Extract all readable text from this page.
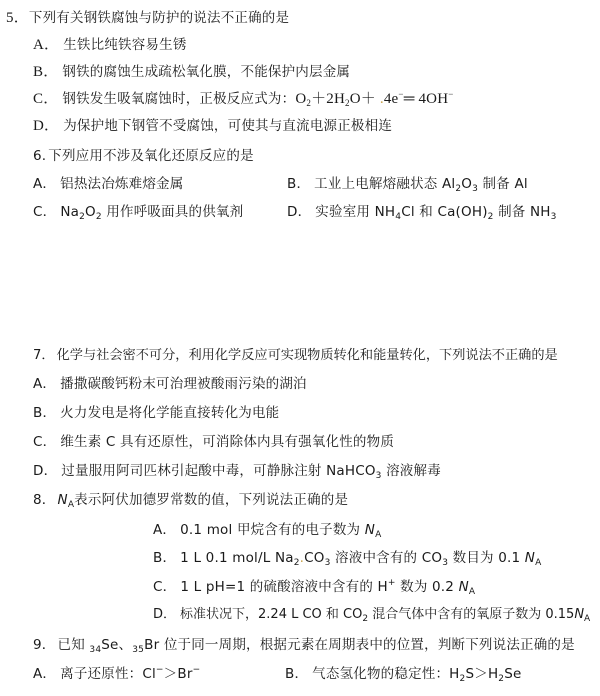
5．下列有关钢铁腐蚀与防护的说法不正确的是
A． 生铁比纯铁容易生锈
B． 钢铁的腐蚀生成疏松氧化膜，不能保护内层金属
C． 钢铁发生吸氧腐蚀时，正极反应式为：$O_2+2H_2O+$ .4e−═ 4OH−
D． 为保护地下钢管不受腐蚀，可使其与直流电源正极相连
6. 下列应用不涉及氧化还原反应的是
A． 铝热法冶炼难熔金属	B． 工业上电解熔融状态 $Al_2O_3$ 制备 Al
C． $Na_2O_2$ 用作呼吸面具的供氧剂	D． 实验室用 $NH_4Cl$ 和 $Ca(OH)_2$ 制备 $NH_3$
7． 化学与社会密不可分，利用化学反应可实现物质转化和能量转化，下列说法不正确的是
A． 播撒碳酸钙粉末可治理被酸雨污染的湖泊
B． 火力发电是将化学能直接转化为电能
C． 维生素 C 具有还原性，可消除体内具有强氧化性的物质
D． 过量服用阿司匹林引起酸中毒，可静脉注射 NaHCO$_3$ 溶液解毒
8． $N_A$表示阿伏加德罗常数的值，下列说法正确的是
A． 0.1 mol 甲烷含有的电子数为 $N_A$
B． 1 L 0.1 mol/L $Na_2.CO_3$ 溶液中含有的 $CO_3$ 数目为 0.1 $N_A$
C． 1 L pH=1 的硫酸溶液中含有的 H+ 数为 0.2 $N_A$
D． 标准状况下，2.24 L CO 和 $CO_2$ 混合气体中含有的氧原子数为 $0.15N_A$
9． 已知 $_{34}$Se、$_{35}$Br 位于同一周期，根据元素在周期表中的位置，判断下列说法正确的是
A． 离子还原性：Cl−＞Br−	B． 气态氢化物的稳定性：$H_2S>H_2Se$
